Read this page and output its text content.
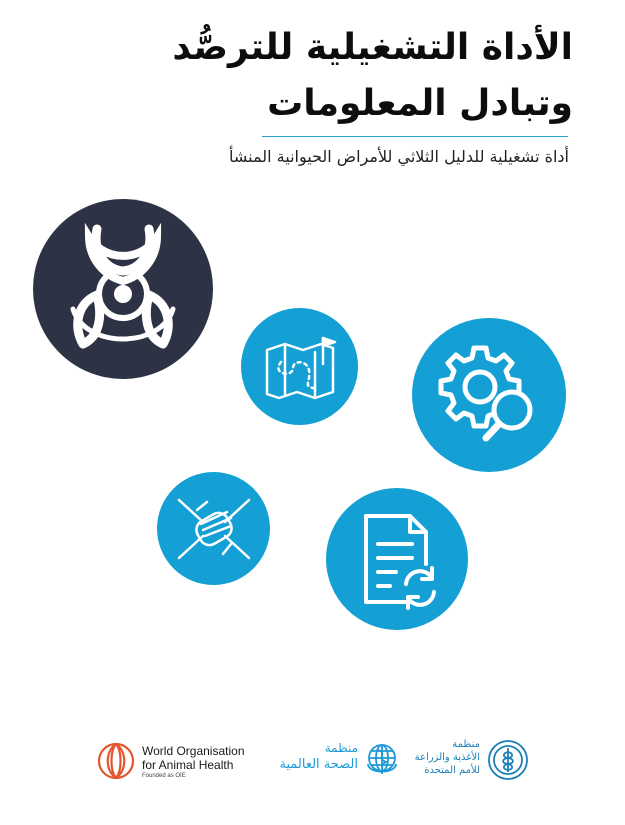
الأداة التشغيلية للترصُّد
وتبادل المعلومات
أداة تشغيلية للدليل الثلاثي للأمراض الحيوانية المنشأ
World Organisation
for Animal Health
Founded as OIE
منظمة
الصحة العالمية
منظمة
الأغذية والزراعة
للأمم المتحدة
